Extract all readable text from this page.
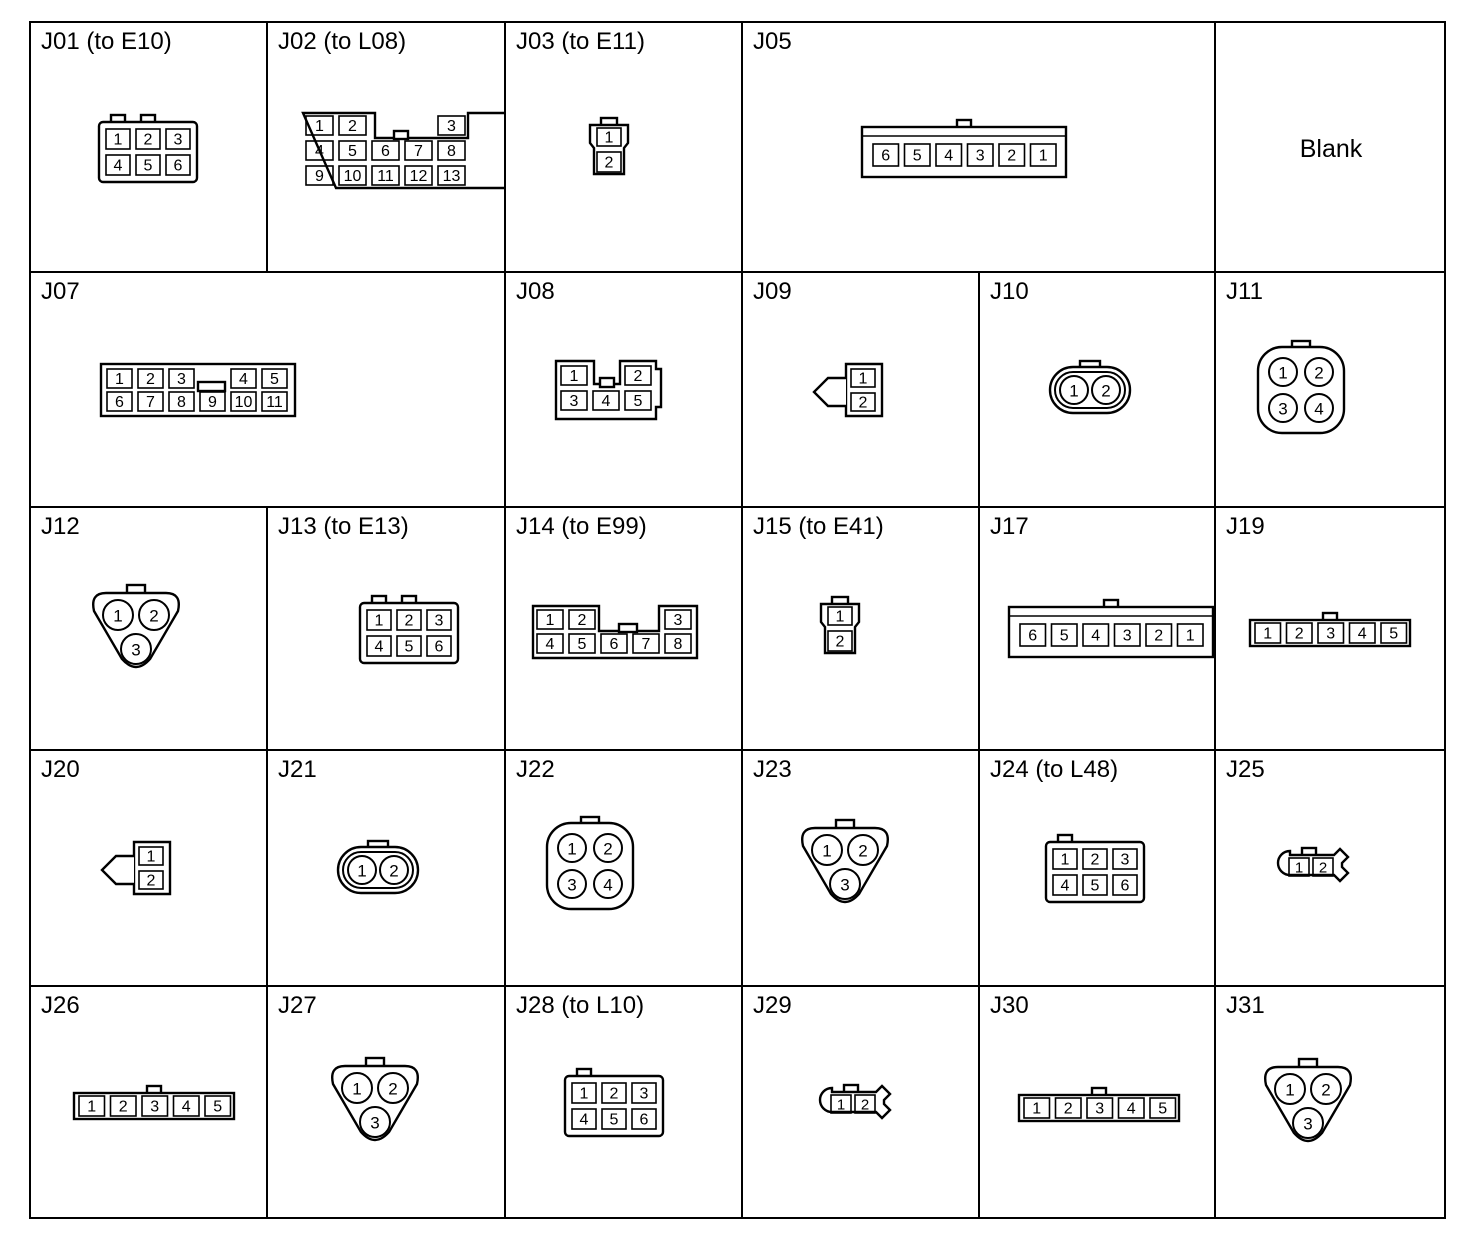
J01 (to E10)
1 2 3
4 5 6
J02 (to L08)
1 2	3
4 5 6 7 8
9 10 11 12 13
J03 (to E11)
1
2
J05
6 5 4 3 2 1	Blank
J07
1 2 3	4 5
6 7 8 9 10 11
J08
1	2
3 4 5
J09
1
2
J10
1 2
J11
1 2
3 4
J12
1 2
3
J13 (to E13)
1 2 3
4 5 6
J14 (to E99)
1 2	3
4 5 6 7 8
J15 (to E41)
1
2
J17
6 5 4 3 2 1
J19
1 2 3 4 5
J20
1
2
J21
1 2
J22
1 2
3 4
J23
1 2
3
J24 (to L48)
1 2 3
4 5 6
J25
1 2
J26
1 2 3 4 5
J27
1 2
3
J28 (to L10)
1 2 3
4 5 6
J29
1 2
J30
1 2 3 4 5
J31
1 2
3
